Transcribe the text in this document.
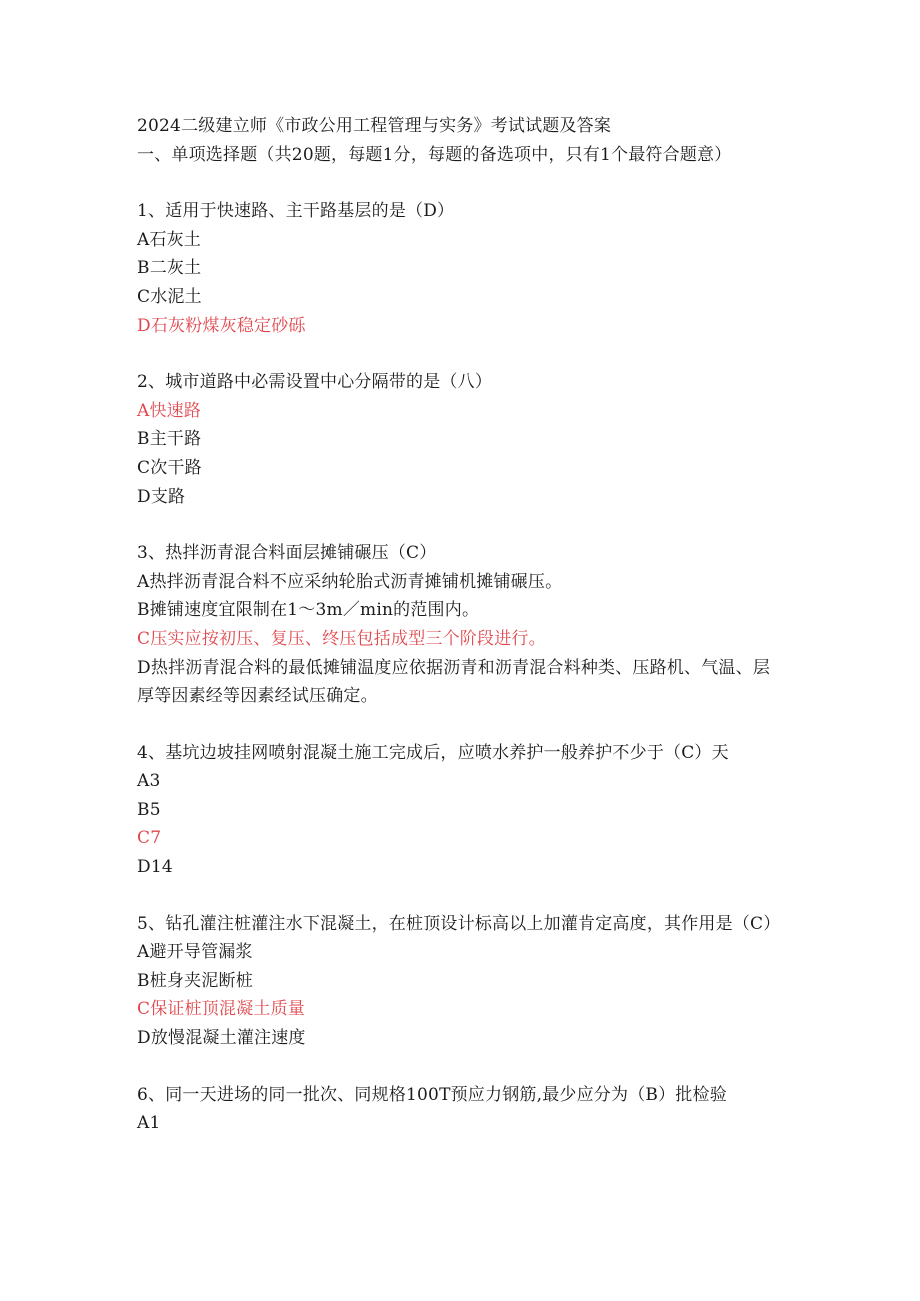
2024二级建立师《市政公用工程管理与实务》考试试题及答案
一、单项选择题（共20题，每题1分，每题的备选项中，只有1个最符合题意）
1、适用于快速路、主干路基层的是（D）
A石灰土
B二灰土
C水泥土
D石灰粉煤灰稳定砂砾
2、城市道路中必需设置中心分隔带的是（八）
A快速路
B主干路
C次干路
D支路
3、热拌沥青混合料面层摊铺碾压（C）
A热拌沥青混合料不应采纳轮胎式沥青摊铺机摊铺碾压。
B摊铺速度宜限制在1～3m／min的范围内。
C压实应按初压、复压、终压包括成型三个阶段进行。
D热拌沥青混合料的最低摊铺温度应依据沥青和沥青混合料种类、压路机、气温、层厚等因素经等因素经试压确定。
4、基坑边坡挂网喷射混凝土施工完成后，应喷水养护一般养护不少于（C）天
A3
B5
C7
D14
5、钻孔灌注桩灌注水下混凝土，在桩顶设计标高以上加灌肯定高度，其作用是（C）
A避开导管漏浆
B桩身夹泥断桩
C保证桩顶混凝土质量
D放慢混凝土灌注速度
6、同一天进场的同一批次、同规格100T预应力钢筋,最少应分为（B）批检验
A1
